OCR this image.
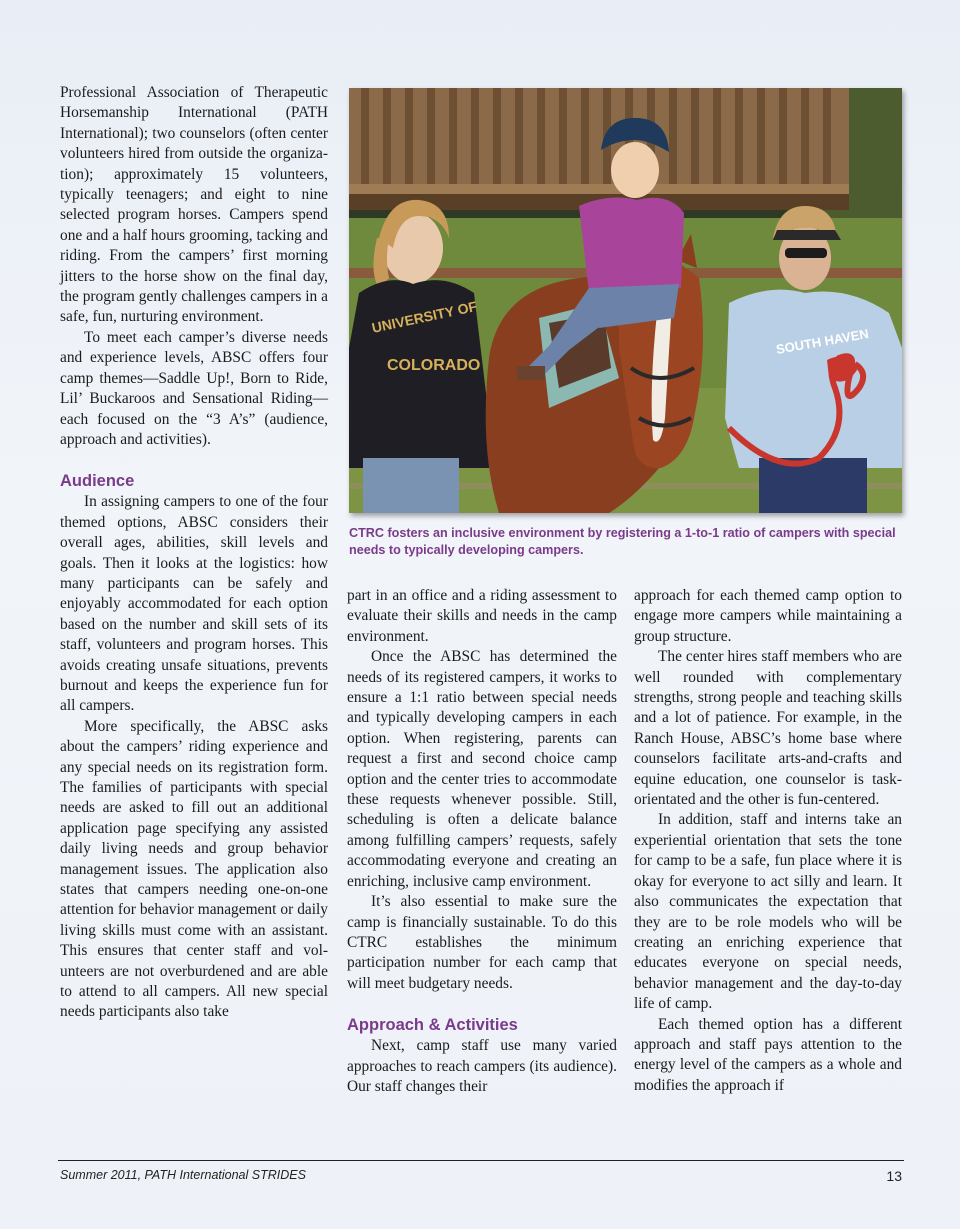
Professional Association of Therapeutic Horsemanship International (PATH International); two counselors (often center volunteers hired from outside the organization); approximately 15 volunteers, typically teenagers; and eight to nine selected program horses. Campers spend one and a half hours grooming, tacking and riding. From the campers’ first morning jitters to the horse show on the final day, the program gently challenges campers in a safe, fun, nurturing environment.

To meet each camper’s diverse needs and experience levels, ABSC offers four camp themes—Saddle Up!, Born to Ride, Lil’ Buckaroos and Sensational Riding—each focused on the “3 A’s” (audience, approach and activities).

Audience

In assigning campers to one of the four themed options, ABSC considers their overall ages, abilities, skill levels and goals. Then it looks at the logistics: how many participants can be safely and enjoyably accommodated for each option based on the number and skill sets of its staff, volunteers and program horses. This avoids creating unsafe situations, prevents burnout and keeps the experience fun for all campers.

More specifically, the ABSC asks about the campers’ riding experience and any special needs on its registration form. The families of participants with special needs are asked to fill out an additional application page specifying any assisted daily living needs and group behavior management issues. The application also states that campers needing one-on-one attention for behavior management or daily living skills must come with an assistant. This ensures that center staff and volunteers are not overburdened and are able to attend to all campers. All new special needs participants also take

UNIVERSITY OF
COLORADO
SOUTH HAVEN
CTRC fosters an inclusive environment by registering a 1-to-1 ratio of campers with special needs to typically developing campers.

part in an office and a riding assessment to evaluate their skills and needs in the camp environment.

Once the ABSC has determined the needs of its registered campers, it works to ensure a 1:1 ratio between special needs and typically developing campers in each option. When registering, parents can request a first and second choice camp option and the center tries to accommodate these requests whenever possible. Still, scheduling is often a delicate balance among fulfilling campers’ requests, safely accommodating everyone and creating an enriching, inclusive camp environment.

It’s also essential to make sure the camp is financially sustainable. To do this CTRC establishes the minimum participation number for each camp that will meet budgetary needs.

Approach & Activities

Next, camp staff use many varied approaches to reach campers (its audience). Our staff changes their

approach for each themed camp option to engage more campers while maintaining a group structure.

The center hires staff members who are well rounded with complementary strengths, strong people and teaching skills and a lot of patience. For example, in the Ranch House, ABSC’s home base where counselors facilitate arts-and-crafts and equine education, one counselor is task-orientated and the other is fun-centered.

In addition, staff and interns take an experiential orientation that sets the tone for camp to be a safe, fun place where it is okay for everyone to act silly and learn. It also communicates the expectation that they are to be role models who will be creating an enriching experience that educates everyone on special needs, behavior management and the day-to-day life of camp.

Each themed option has a different approach and staff pays attention to the energy level of the campers as a whole and modifies the approach if

Summer 2011, PATH International STRIDES	13
